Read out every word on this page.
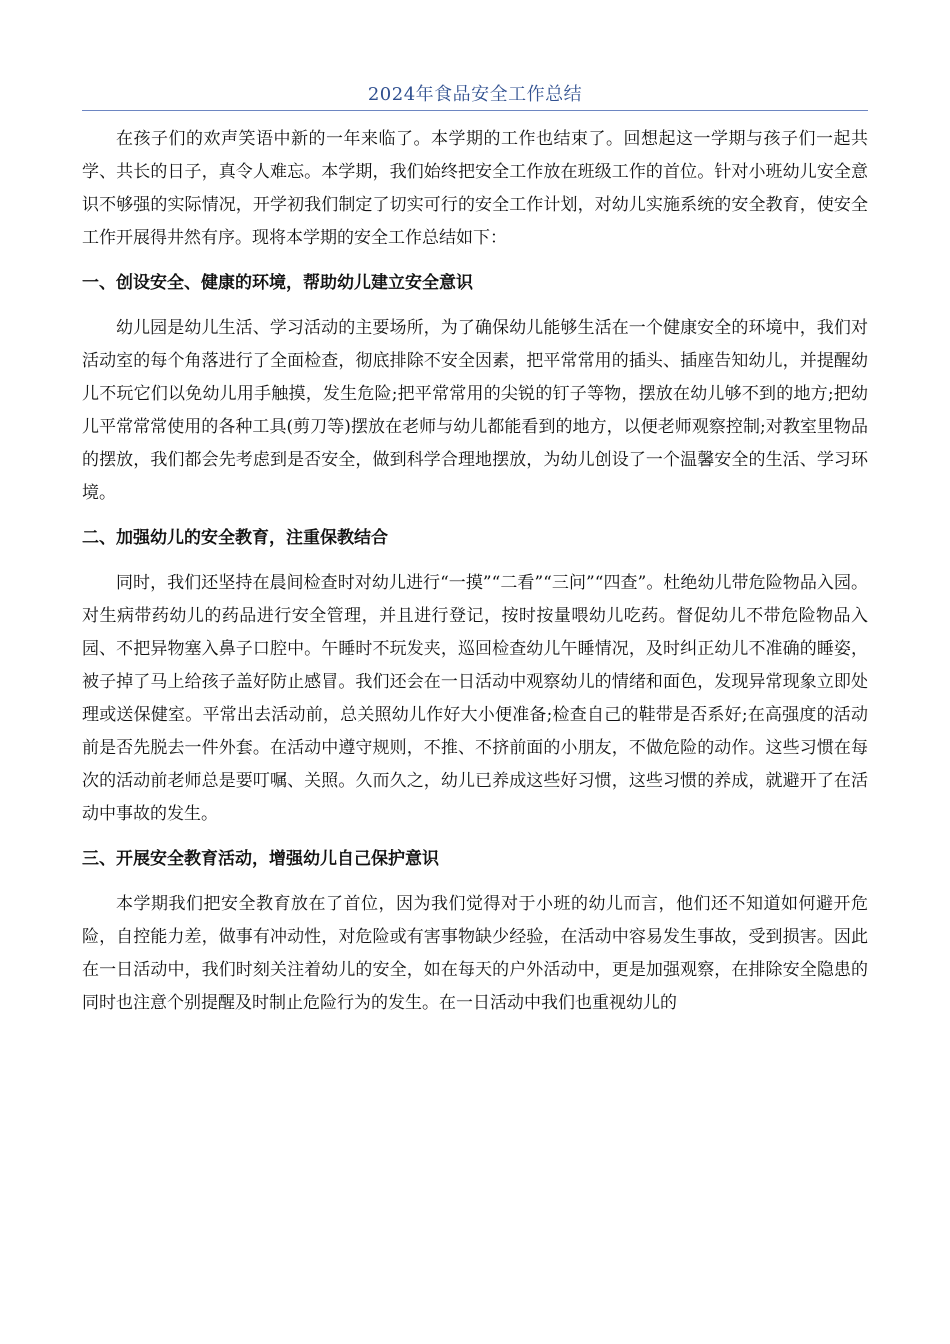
2024年食品安全工作总结

在孩子们的欢声笑语中新的一年来临了。本学期的工作也结束了。回想起这一学期与孩子们一起共学、共长的日子，真令人难忘。本学期，我们始终把安全工作放在班级工作的首位。针对小班幼儿安全意识不够强的实际情况，开学初我们制定了切实可行的安全工作计划，对幼儿实施系统的安全教育，使安全工作开展得井然有序。现将本学期的安全工作总结如下：

一、创设安全、健康的环境，帮助幼儿建立安全意识

幼儿园是幼儿生活、学习活动的主要场所，为了确保幼儿能够生活在一个健康安全的环境中，我们对活动室的每个角落进行了全面检查，彻底排除不安全因素，把平常常用的插头、插座告知幼儿，并提醒幼儿不玩它们以免幼儿用手触摸，发生危险;把平常常用的尖锐的钉子等物，摆放在幼儿够不到的地方;把幼儿平常常常使用的各种工具(剪刀等)摆放在老师与幼儿都能看到的地方，以便老师观察控制;对教室里物品的摆放，我们都会先考虑到是否安全，做到科学合理地摆放，为幼儿创设了一个温馨安全的生活、学习环境。

二、加强幼儿的安全教育，注重保教结合

同时，我们还坚持在晨间检查时对幼儿进行“一摸”“二看”“三问”“四查”。杜绝幼儿带危险物品入园。对生病带药幼儿的药品进行安全管理，并且进行登记，按时按量喂幼儿吃药。督促幼儿不带危险物品入园、不把异物塞入鼻子口腔中。午睡时不玩发夹，巡回检查幼儿午睡情况，及时纠正幼儿不准确的睡姿，被子掉了马上给孩子盖好防止感冒。我们还会在一日活动中观察幼儿的情绪和面色，发现异常现象立即处理或送保健室。平常出去活动前，总关照幼儿作好大小便准备;检查自己的鞋带是否系好;在高强度的活动前是否先脱去一件外套。在活动中遵守规则，不推、不挤前面的小朋友，不做危险的动作。这些习惯在每次的活动前老师总是要叮嘱、关照。久而久之，幼儿已养成这些好习惯，这些习惯的养成，就避开了在活动中事故的发生。

三、开展安全教育活动，增强幼儿自己保护意识

本学期我们把安全教育放在了首位，因为我们觉得对于小班的幼儿而言，他们还不知道如何避开危险，自控能力差，做事有冲动性，对危险或有害事物缺少经验，在活动中容易发生事故，受到损害。因此在一日活动中，我们时刻关注着幼儿的安全，如在每天的户外活动中，更是加强观察，在排除安全隐患的同时也注意个别提醒及时制止危险行为的发生。在一日活动中我们也重视幼儿的
